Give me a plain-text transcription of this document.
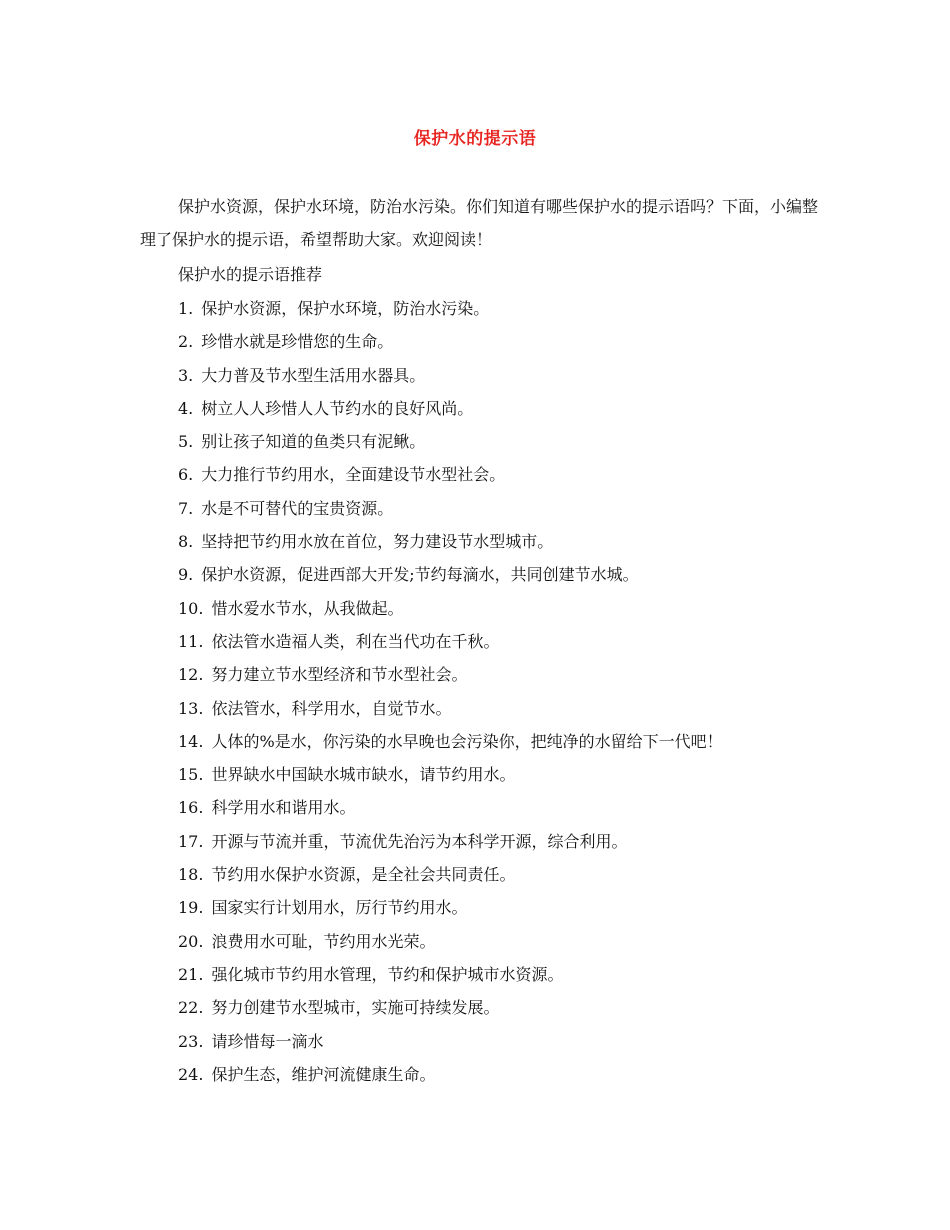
保护水的提示语

保护水资源，保护水环境，防治水污染。你们知道有哪些保护水的提示语吗？下面，小编整理了保护水的提示语，希望帮助大家。欢迎阅读！

保护水的提示语推荐

1. 保护水资源，保护水环境，防治水污染。
2. 珍惜水就是珍惜您的生命。
3. 大力普及节水型生活用水器具。
4. 树立人人珍惜人人节约水的良好风尚。
5. 别让孩子知道的鱼类只有泥鳅。
6. 大力推行节约用水，全面建设节水型社会。
7. 水是不可替代的宝贵资源。
8. 坚持把节约用水放在首位，努力建设节水型城市。
9. 保护水资源，促进西部大开发;节约每滴水，共同创建节水城。
10. 惜水爱水节水，从我做起。
11. 依法管水造福人类，利在当代功在千秋。
12. 努力建立节水型经济和节水型社会。
13. 依法管水，科学用水，自觉节水。
14. 人体的%是水，你污染的水早晚也会污染你，把纯净的水留给下一代吧！
15. 世界缺水中国缺水城市缺水，请节约用水。
16. 科学用水和谐用水。
17. 开源与节流并重，节流优先治污为本科学开源，综合利用。
18. 节约用水保护水资源，是全社会共同责任。
19. 国家实行计划用水，厉行节约用水。
20. 浪费用水可耻，节约用水光荣。
21. 强化城市节约用水管理，节约和保护城市水资源。
22. 努力创建节水型城市，实施可持续发展。
23. 请珍惜每一滴水
24. 保护生态，维护河流健康生命。
